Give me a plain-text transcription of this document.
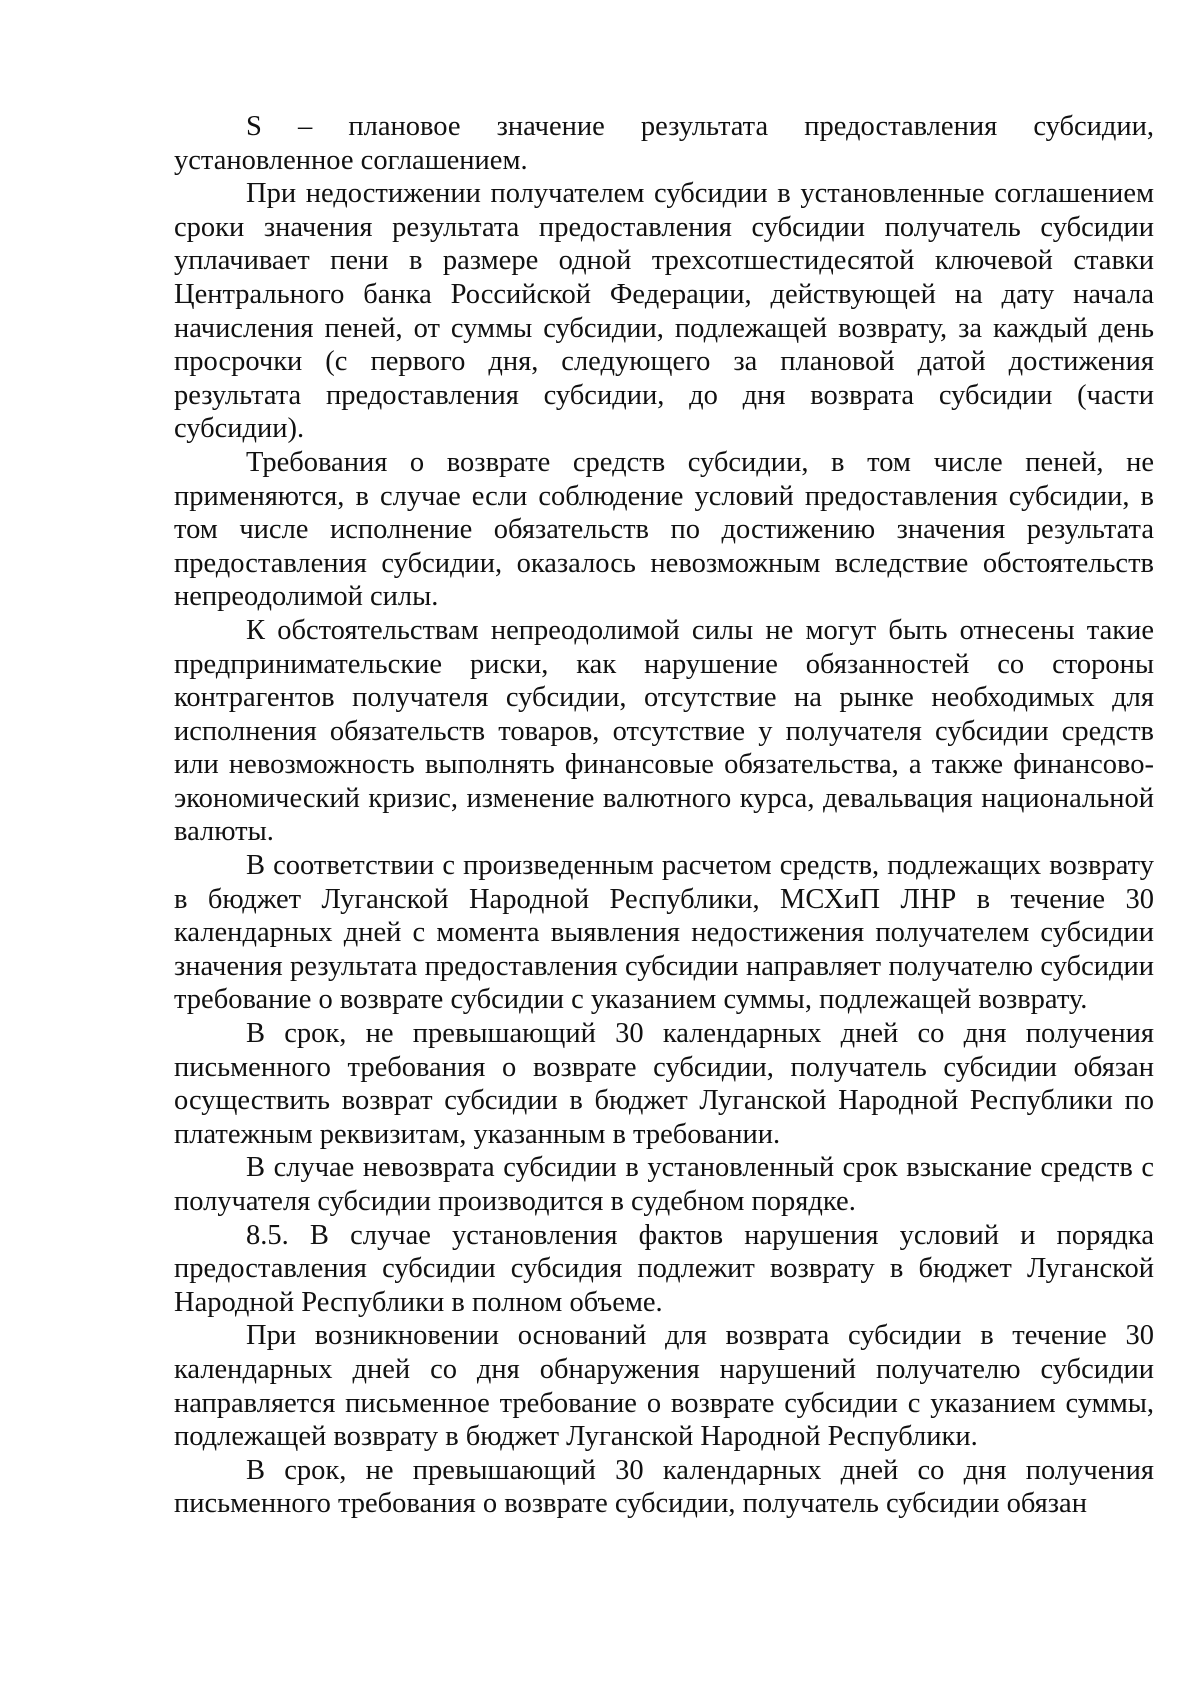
S – плановое значение результата предоставления субсидии, установленное соглашением.

При недостижении получателем субсидии в установленные соглашением сроки значения результата предоставления субсидии получатель субсидии уплачивает пени в размере одной трехсотшестидесятой ключевой ставки Центрального банка Российской Федерации, действующей на дату начала начисления пеней, от суммы субсидии, подлежащей возврату, за каждый день просрочки (с первого дня, следующего за плановой датой достижения результата предоставления субсидии, до дня возврата субсидии (части субсидии).

Требования о возврате средств субсидии, в том числе пеней, не применяются, в случае если соблюдение условий предоставления субсидии, в том числе исполнение обязательств по достижению значения результата предоставления субсидии, оказалось невозможным вследствие обстоятельств непреодолимой силы.

К обстоятельствам непреодолимой силы не могут быть отнесены такие предпринимательские риски, как нарушение обязанностей со стороны контрагентов получателя субсидии, отсутствие на рынке необходимых для исполнения обязательств товаров, отсутствие у получателя субсидии средств или невозможность выполнять финансовые обязательства, а также финансово-экономический кризис, изменение валютного курса, девальвация национальной валюты.

В соответствии с произведенным расчетом средств, подлежащих возврату в бюджет Луганской Народной Республики, МСХиП ЛНР в течение 30 календарных дней с момента выявления недостижения получателем субсидии значения результата предоставления субсидии направляет получателю субсидии требование о возврате субсидии с указанием суммы, подлежащей возврату.

В срок, не превышающий 30 календарных дней со дня получения письменного требования о возврате субсидии, получатель субсидии обязан осуществить возврат субсидии в бюджет Луганской Народной Республики по платежным реквизитам, указанным в требовании.

В случае невозврата субсидии в установленный срок взыскание средств с получателя субсидии производится в судебном порядке.

8.5. В случае установления фактов нарушения условий и порядка предоставления субсидии субсидия подлежит возврату в бюджет Луганской Народной Республики в полном объеме.

При возникновении оснований для возврата субсидии в течение 30 календарных дней со дня обнаружения нарушений получателю субсидии направляется письменное требование о возврате субсидии с указанием суммы, подлежащей возврату в бюджет Луганской Народной Республики.

В срок, не превышающий 30 календарных дней со дня получения письменного требования о возврате субсидии, получатель субсидии обязан
